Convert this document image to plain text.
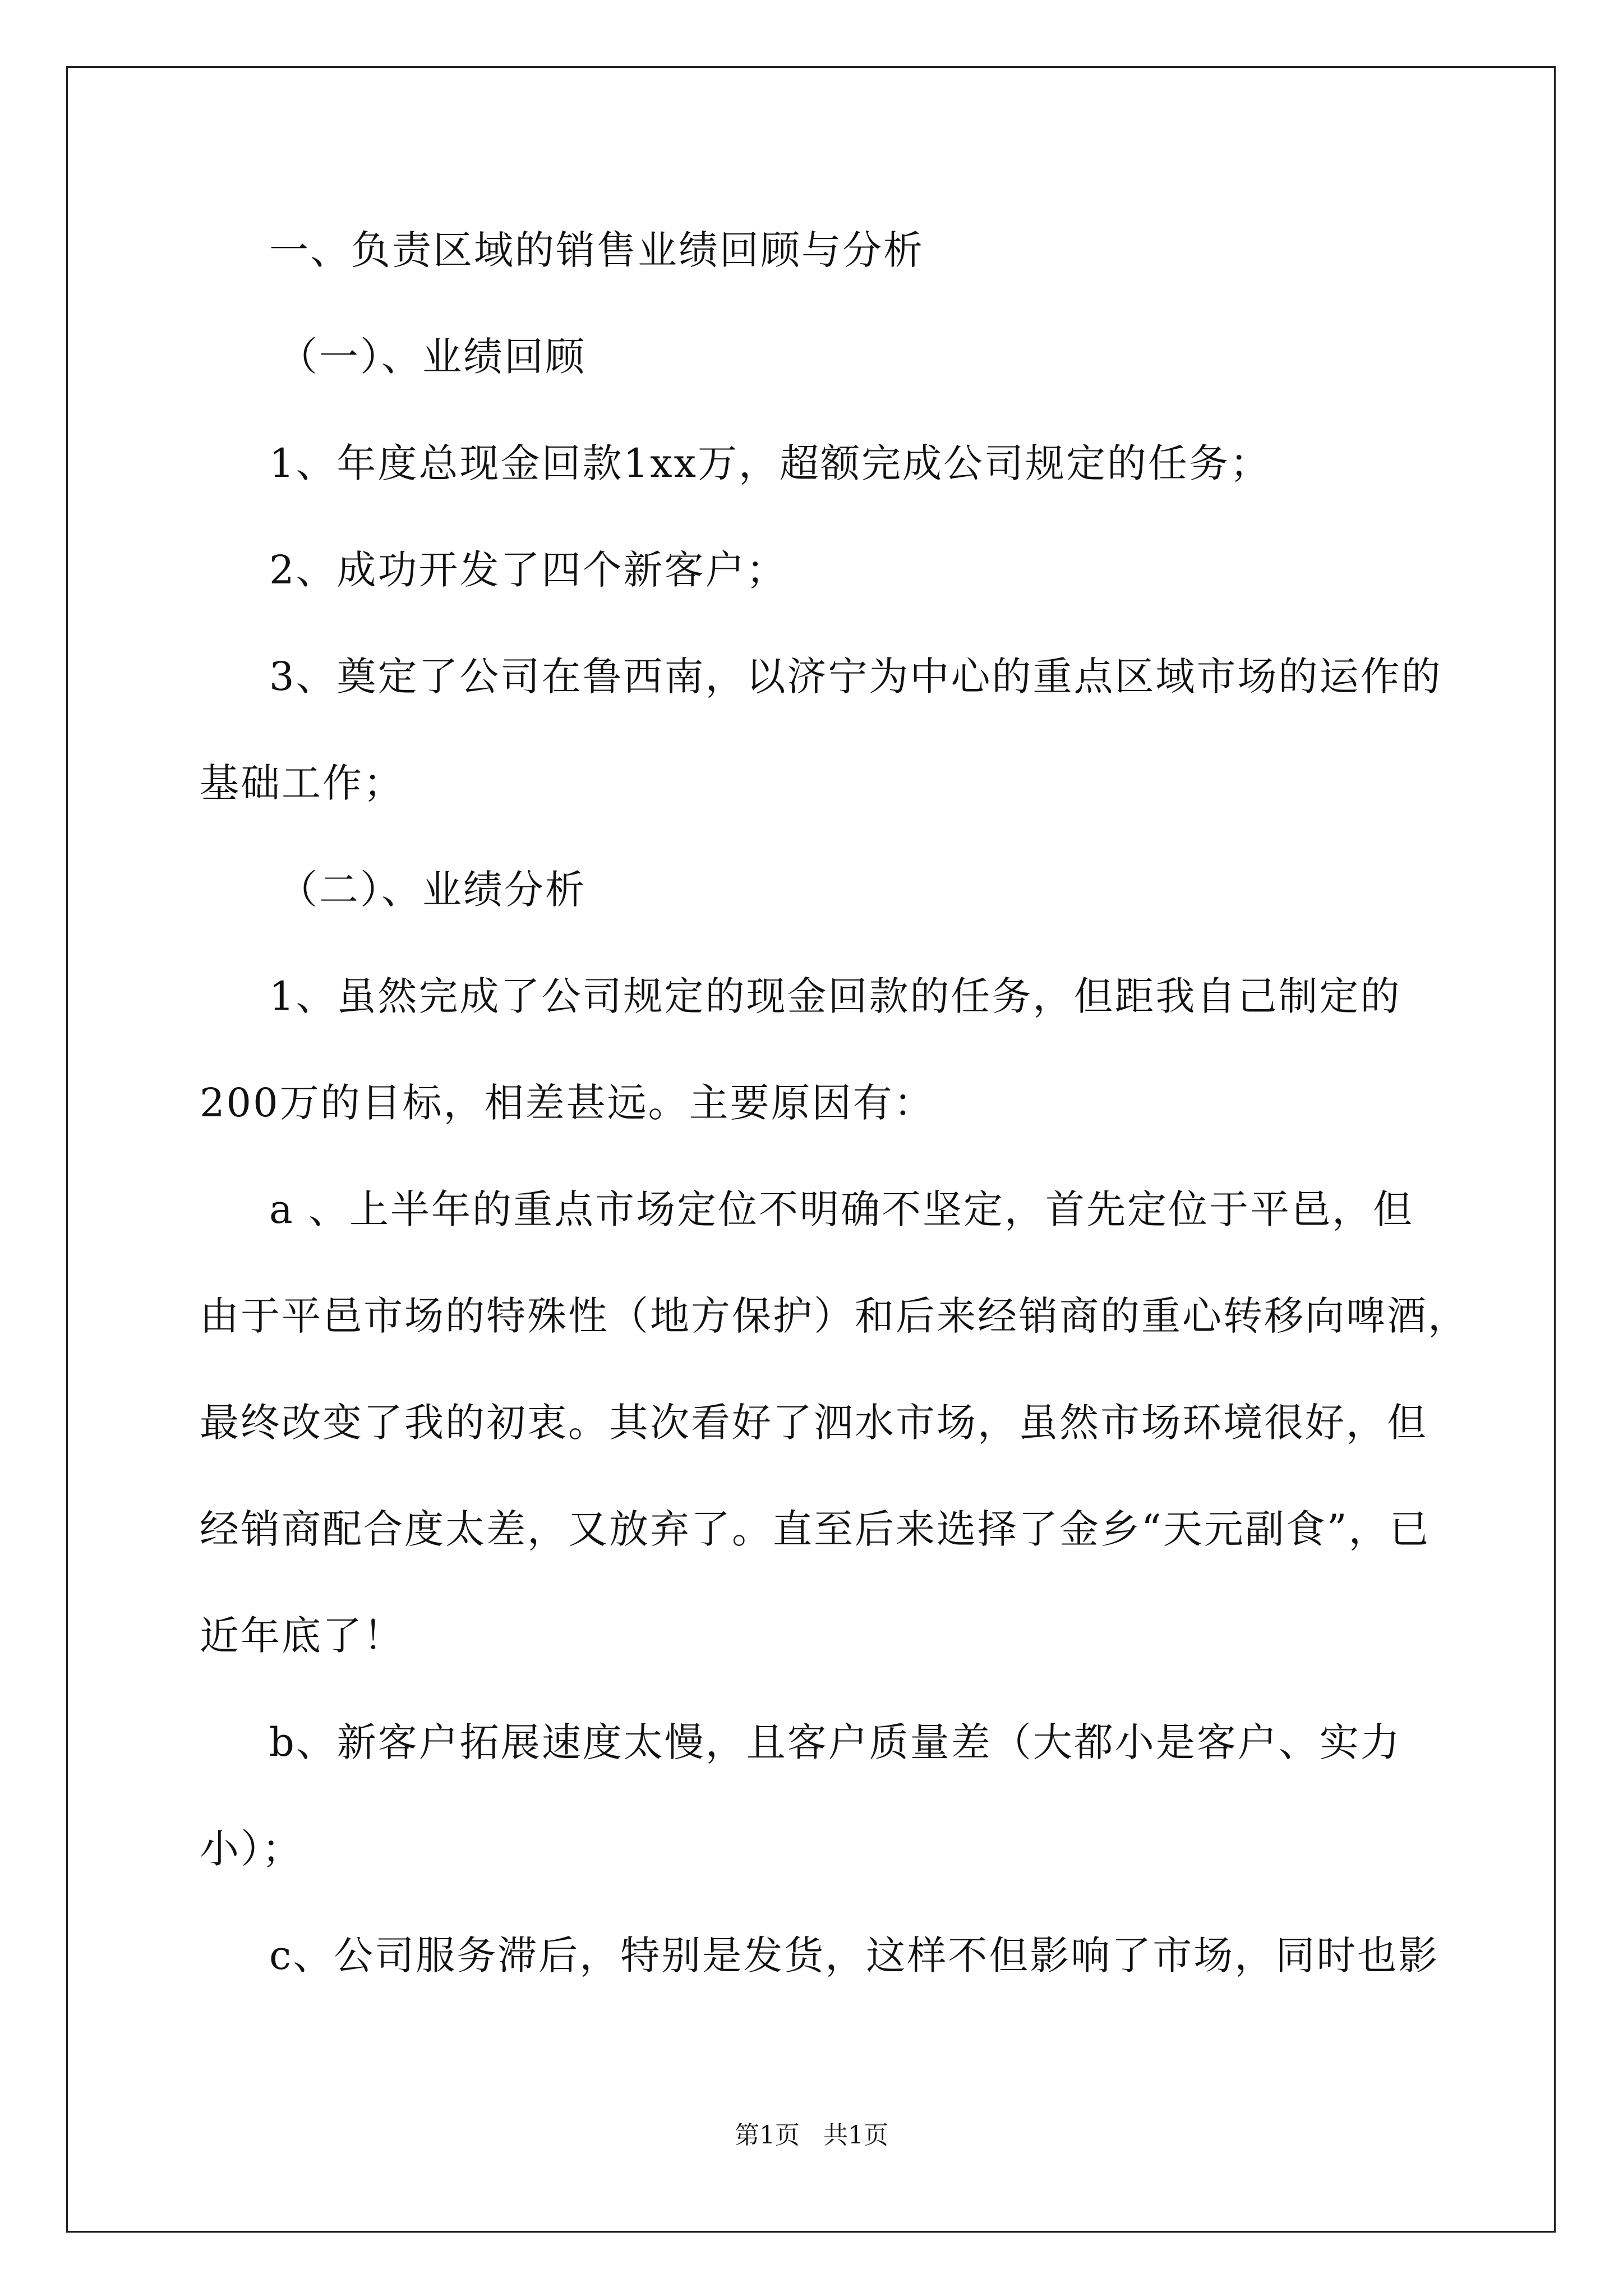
一、负责区域的销售业绩回顾与分析
（一）、业绩回顾
1、年度总现金回款1xx万，超额完成公司规定的任务；
2、成功开发了四个新客户；
3、奠定了公司在鲁西南，以济宁为中心的重点区域市场的运作的
基础工作；
（二）、业绩分析
1、虽然完成了公司规定的现金回款的任务，但距我自己制定的
200万的目标，相差甚远。主要原因有：
a 、上半年的重点市场定位不明确不坚定，首先定位于平邑，但
由于平邑市场的特殊性（地方保护）和后来经销商的重心转移向啤酒，
最终改变了我的初衷。其次看好了泗水市场，虽然市场环境很好，但
经销商配合度太差，又放弃了。直至后来选择了金乡“天元副食”，已
近年底了！
b、新客户拓展速度太慢，且客户质量差（大都小是客户、实力
小）；
c、公司服务滞后，特别是发货，这样不但影响了市场，同时也影
第1页 共1页
